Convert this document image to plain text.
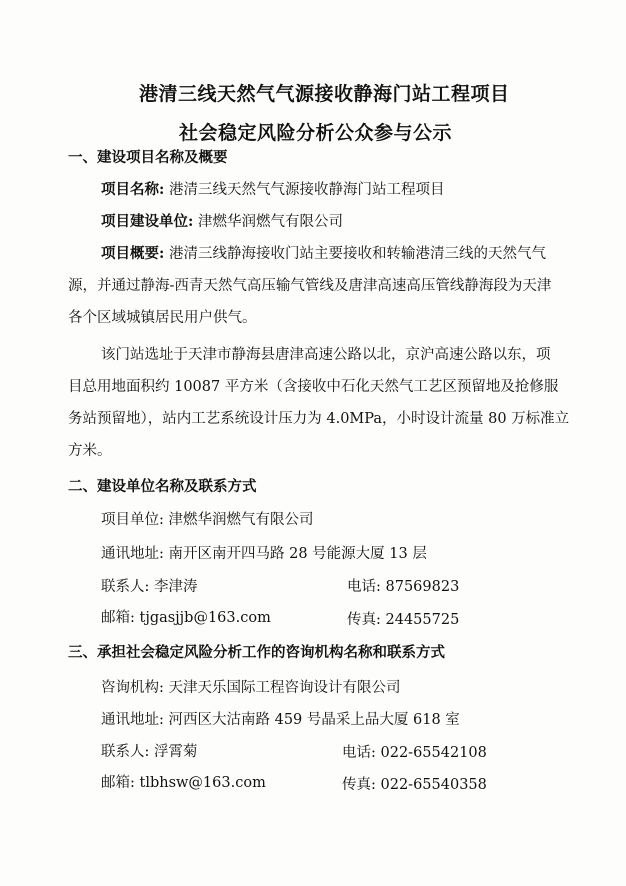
港清三线天然气气源接收静海门站工程项目
社会稳定风险分析公众参与公示
一、建设项目名称及概要
项目名称: 港清三线天然气气源接收静海门站工程项目
项目建设单位: 津燃华润燃气有限公司
项目概要: 港清三线静海接收门站主要接收和转输港清三线的天然气气
源，并通过静海-西青天然气高压输气管线及唐津高速高压管线静海段为天津
各个区域城镇居民用户供气。
该门站选址于天津市静海县唐津高速公路以北，京沪高速公路以东，项
目总用地面积约 10087 平方米（含接收中石化天然气工艺区预留地及抢修服
务站预留地），站内工艺系统设计压力为 4.0MPa，小时设计流量 80 万标准立
方米。
二、建设单位名称及联系方式
项目单位: 津燃华润燃气有限公司
通讯地址: 南开区南开四马路 28 号能源大厦 13 层
联系人: 李津涛	电话: 87569823
邮箱: tjgasjjb@163.com	传真: 24455725
三、承担社会稳定风险分析工作的咨询机构名称和联系方式
咨询机构: 天津天乐国际工程咨询设计有限公司
通讯地址: 河西区大沽南路 459 号晶采上品大厦 618 室
联系人: 浮霄菊	电话: 022-65542108
邮箱: tlbhsw@163.com	传真: 022-65540358
